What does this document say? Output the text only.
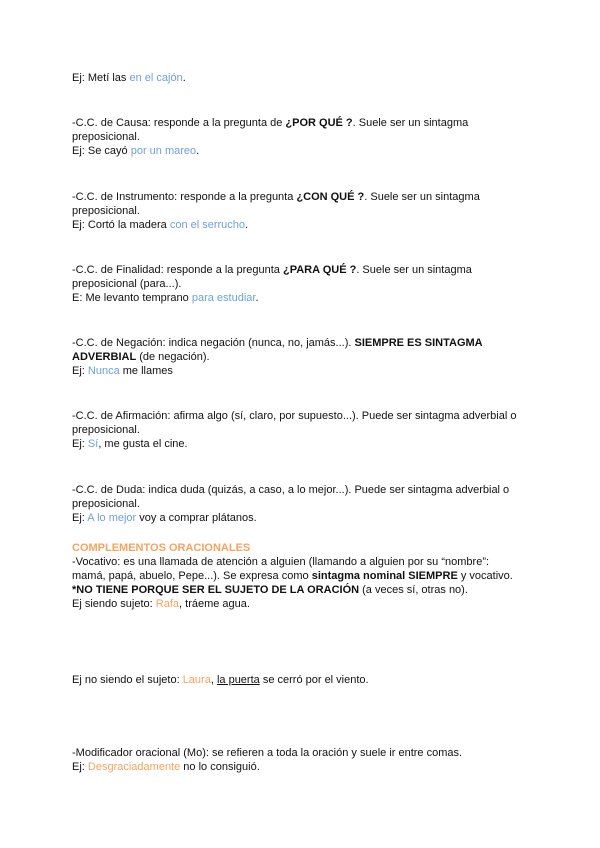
Ej: Metí las en el cajón.
-C.C. de Causa: responde a la pregunta de ¿POR QUÉ ?. Suele ser un sintagma
preposicional.
Ej: Se cayó por un mareo.
-C.C. de Instrumento: responde a la pregunta ¿CON QUÉ ?. Suele ser un sintagma
preposicional.
Ej: Cortó la madera con el serrucho.
-C.C. de Finalidad: responde a la pregunta ¿PARA QUÉ ?. Suele ser un sintagma
preposicional (para...).
E: Me levanto temprano para estudiar.
-C.C. de Negación: indica negación (nunca, no, jamás...). SIEMPRE ES SINTAGMA
ADVERBIAL (de negación).
Ej: Nunca me llames
-C.C. de Afirmación: afirma algo (sí, claro, por supuesto...). Puede ser sintagma adverbial o
preposicional.
Ej: Sí, me gusta el cine.
-C.C. de Duda: indica duda (quizás, a caso, a lo mejor...). Puede ser sintagma adverbial o
preposicional.
Ej: A lo mejor voy a comprar plátanos.
COMPLEMENTOS ORACIONALES
-Vocativo: es una llamada de atención a alguien (llamando a alguien por su “nombre”:
mamá, papá, abuelo, Pepe...). Se expresa como sintagma nominal SIEMPRE y vocativo.
*NO TIENE PORQUE SER EL SUJETO DE LA ORACIÓN (a veces sí, otras no).
Ej siendo sujeto: Rafa, tráeme agua.
Ej no siendo el sujeto: Laura, la puerta se cerró por el viento.
-Modificador oracional (Mo): se refieren a toda la oración y suele ir entre comas.
Ej: Desgraciadamente no lo consiguió.
